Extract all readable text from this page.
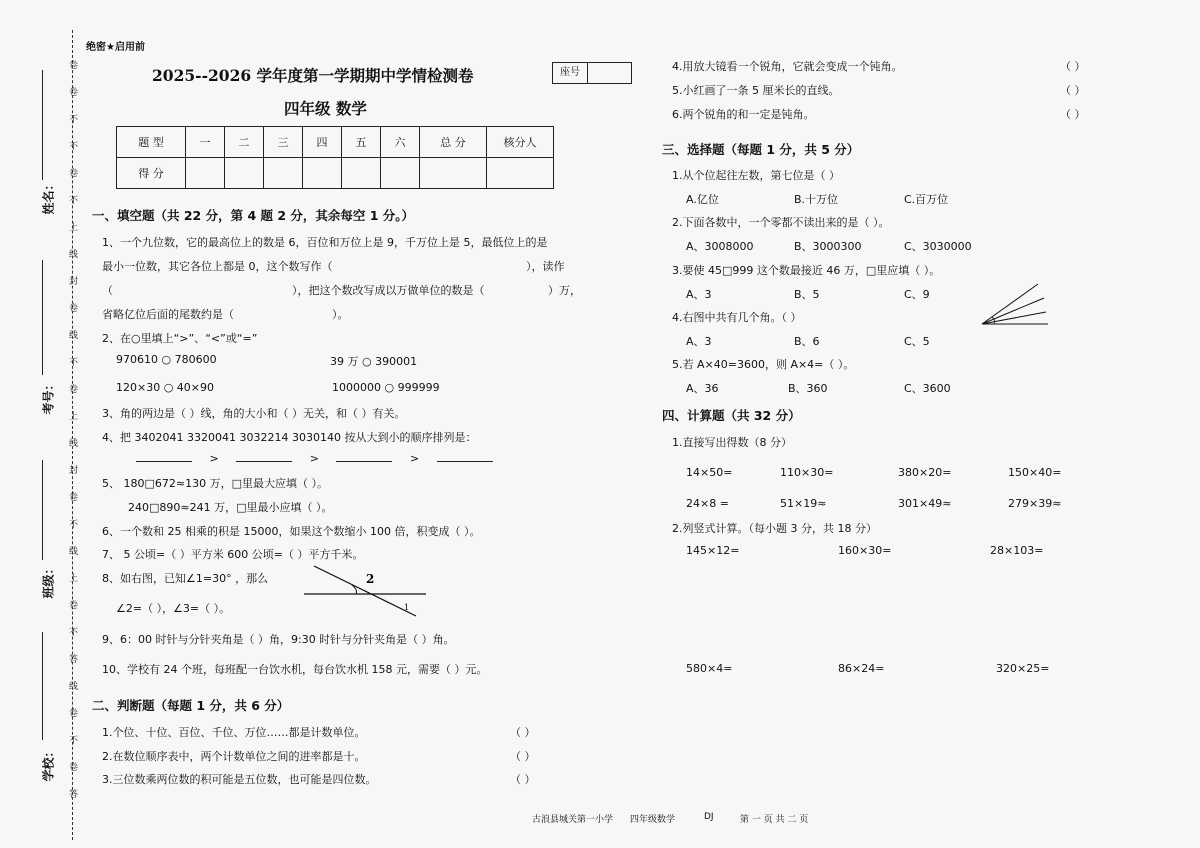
卷
卷
不
不
卷
不
上
线
封
卷
线
不
卷
上
线
封
卷
不
线
上
卷
不
答
线
卷
不
卷
答
姓名：
考号：
班级：
学校：
绝密★启用前
2025--2026 学年度第一学期期中学情检测卷	座号
四年级 数学
题 型	一	二	三	四	五	六	总 分	核分人
得 分								
一、填空题（共 22 分，第 4 题 2 分，其余每空 1 分。）
1、一个九位数，它的最高位上的数是 6，百位和万位上是 9，千万位上是 5，最低位上的是
最小一位数，其它各位上都是 0，这个数写作（	），读作
（	），把这个数改写成以万做单位的数是（	）万，
省略亿位后面的尾数约是（	）。
2、在○里填上“>”、“<”或“=”
970610 ○ 780600	39 万 ○ 390001
120×30 ○ 40×90	1000000 ○ 999999
3、角的两边是（ ）线，角的大小和（ ）无关，和（ ）有关。
4、把 3402041 3320041 3032214 3030140 按从大到小的顺序排列是：
>	>	>
5、 180□672≈130 万，□里最大应填（ ）。
240□890≈241 万，□里最小应填（ ）。
6、一个数和 25 相乘的积是 15000，如果这个数缩小 100 倍，积变成（ ）。
7、 5 公顷=（ ）平方米 600 公顷=（ ）平方千米。
8、如右图，已知∠1=30° ，那么
∠2=（ ），∠3=（ ）。
2
1
9、6：00 时针与分针夹角是（ ）角，9:30 时针与分针夹角是（ ）角。
10、学校有 24 个班，每班配一台饮水机，每台饮水机 158 元，需要（ ）元。
二、判断题（每题 1 分，共 6 分）
1.个位、十位、百位、千位、万位……都是计数单位。	（ ）
2.在数位顺序表中，两个计数单位之间的进率都是十。	（ ）
3.三位数乘两位数的积可能是五位数，也可能是四位数。	（ ）
4.用放大镜看一个锐角，它就会变成一个钝角。	（ ）
5.小红画了一条 5 厘米长的直线。	（ ）
6.两个锐角的和一定是钝角。	（ ）
三、选择题（每题 1 分，共 5 分）
1.从个位起往左数，第七位是（ ）
A.亿位	B.十万位	C.百万位
2.下面各数中，一个零都不读出来的是（ ）。
A、3008000	B、3000300	C、3030000
3.要使 45□999 这个数最接近 46 万，□里应填（ ）。
A、3	B、5	C、9
4.右图中共有几个角。（ ）
A、3	B、6	C、5
5.若 A×40=3600，则 A×4=（ ）。
A、36	B、360	C、3600
四、计算题（共 32 分）
1.直接写出得数（8 分）
14×50=	110×30=	380×20=	150×40=
24×8 =	51×19≈	301×49≈	279×39≈
2.列竖式计算。（每小题 3 分，共 18 分）
145×12=	160×30=	28×103=
580×4=	86×24=	320×25=
古浪县城关第一小学 四年级数学	DJ	第 一 页 共 二 页
